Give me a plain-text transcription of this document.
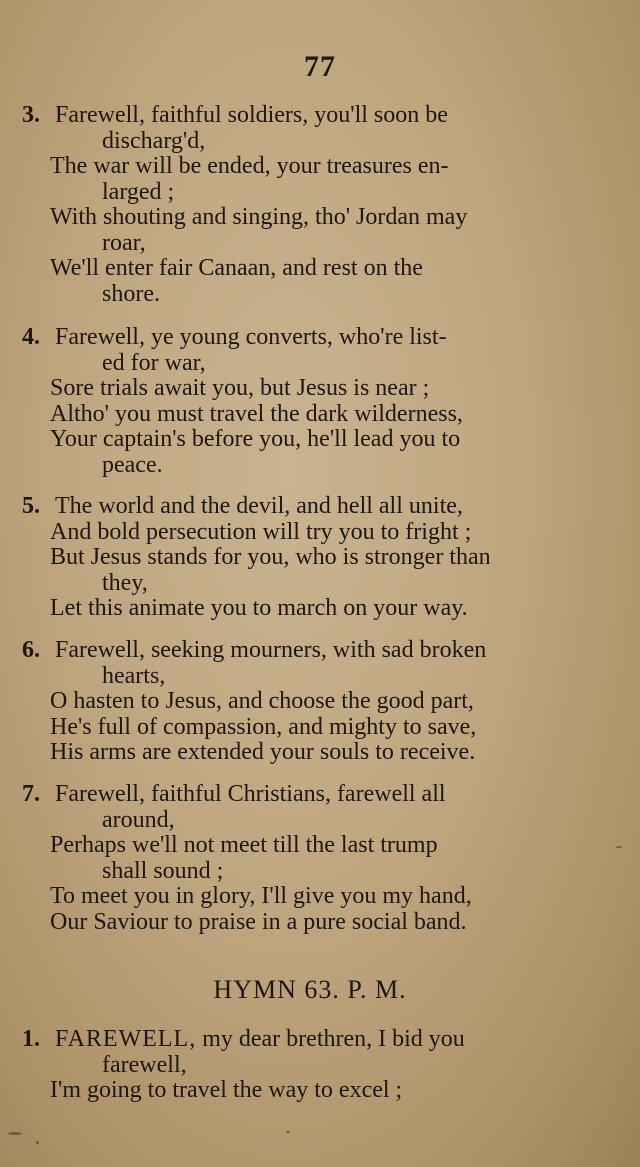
77
3. Farewell, faithful soldiers, you'll soon be
discharg'd,
The war will be ended, your treasures en-
larged ;
With shouting and singing, tho' Jordan may
roar,
We'll enter fair Canaan, and rest on the
shore.
4. Farewell, ye young converts, who're list-
ed for war,
Sore trials await you, but Jesus is near ;
Altho' you must travel the dark wilderness,
Your captain's before you, he'll lead you to
peace.
5. The world and the devil, and hell all unite,
And bold persecution will try you to fright ;
But Jesus stands for you, who is stronger than
they,
Let this animate you to march on your way.
6. Farewell, seeking mourners, with sad broken
hearts,
O hasten to Jesus, and choose the good part,
He's full of compassion, and mighty to save,
His arms are extended your souls to receive.
7. Farewell, faithful Christians, farewell all
around,
Perhaps we'll not meet till the last trump
shall sound ;
To meet you in glory, I'll give you my hand,
Our Saviour to praise in a pure social band.
HYMN 63. P. M.
1. FAREWELL, my dear brethren, I bid you
farewell,
I'm going to travel the way to excel ;
